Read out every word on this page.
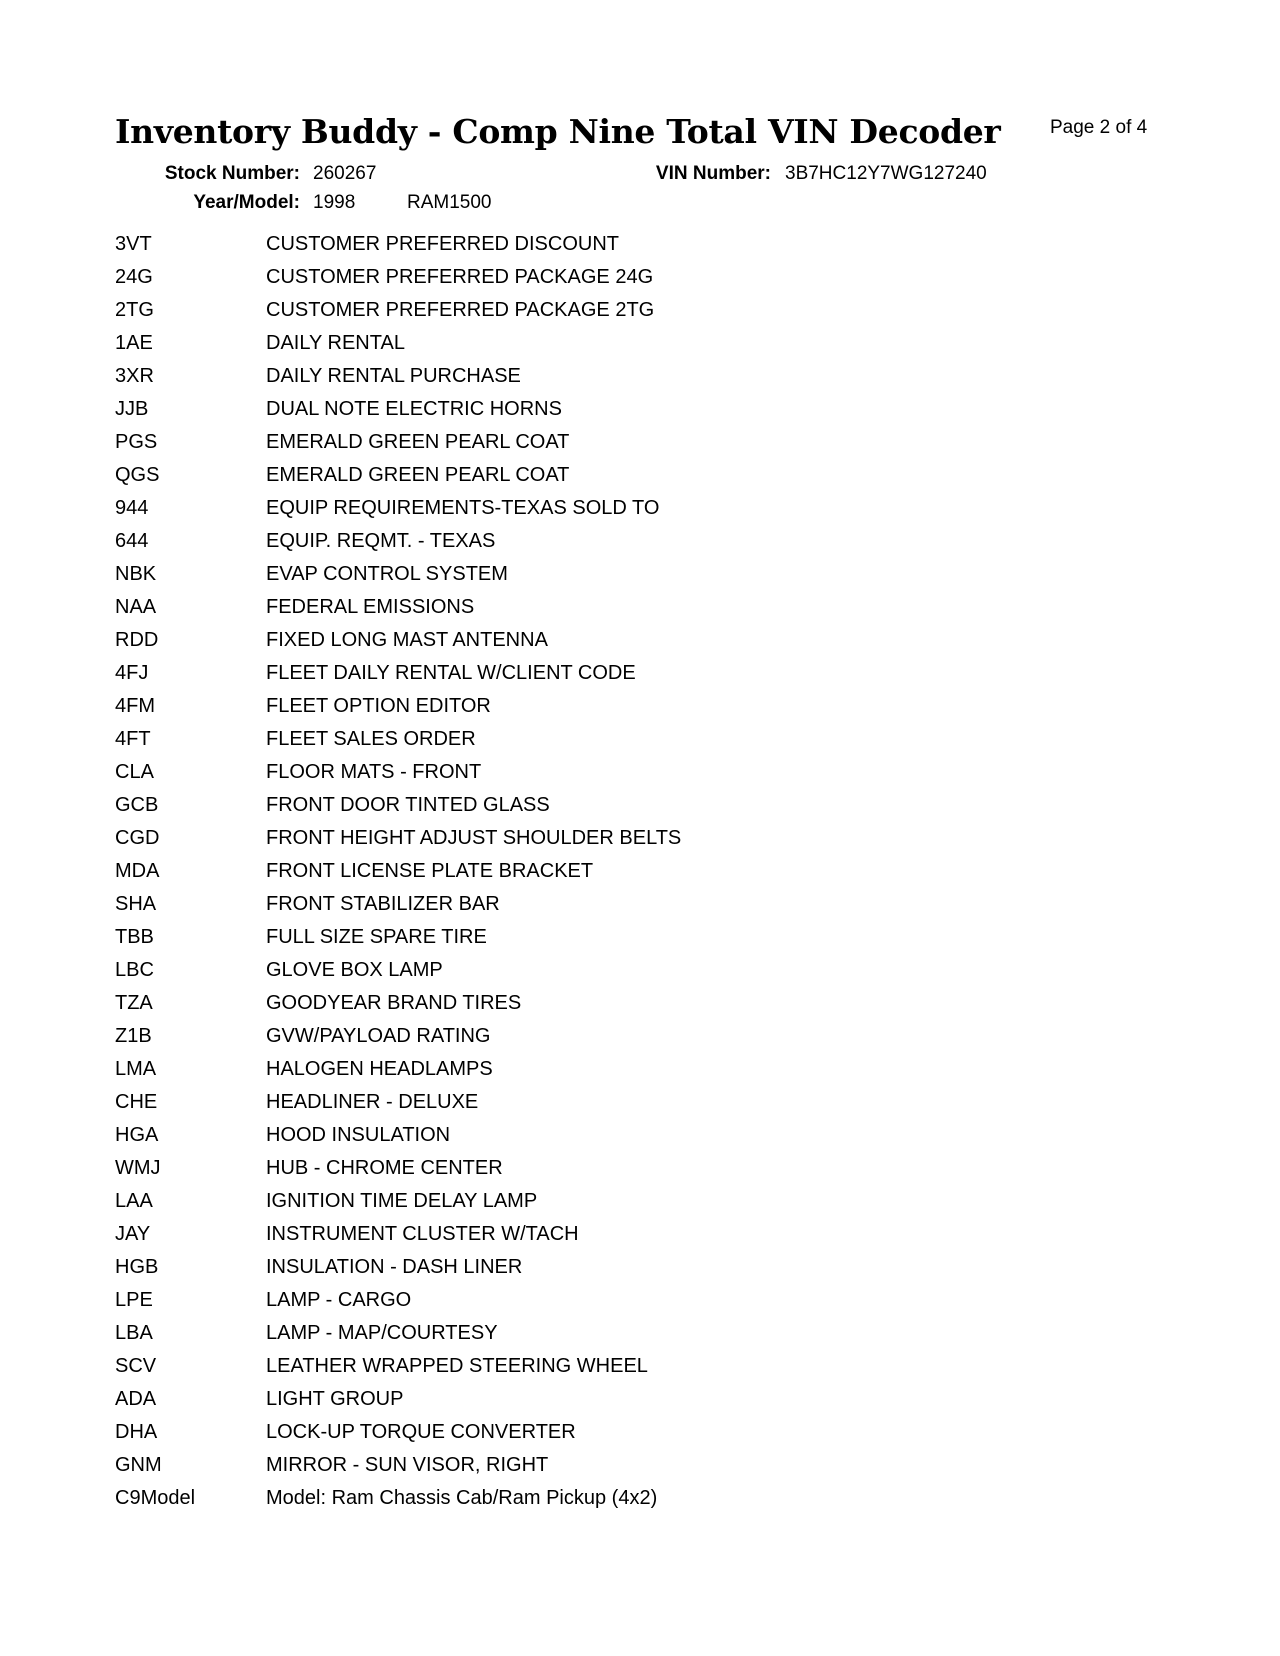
Inventory Buddy - Comp Nine Total VIN Decoder	Page 2 of 4
Stock Number: 260267	VIN Number: 3B7HC12Y7WG127240
Year/Model: 1998	RAM1500
3VT	CUSTOMER PREFERRED DISCOUNT
24G	CUSTOMER PREFERRED PACKAGE 24G
2TG	CUSTOMER PREFERRED PACKAGE 2TG
1AE	DAILY RENTAL
3XR	DAILY RENTAL PURCHASE
JJB	DUAL NOTE ELECTRIC HORNS
PGS	EMERALD GREEN PEARL COAT
QGS	EMERALD GREEN PEARL COAT
944	EQUIP REQUIREMENTS-TEXAS SOLD TO
644	EQUIP. REQMT. - TEXAS
NBK	EVAP CONTROL SYSTEM
NAA	FEDERAL EMISSIONS
RDD	FIXED LONG MAST ANTENNA
4FJ	FLEET DAILY RENTAL W/CLIENT CODE
4FM	FLEET OPTION EDITOR
4FT	FLEET SALES ORDER
CLA	FLOOR MATS - FRONT
GCB	FRONT DOOR TINTED GLASS
CGD	FRONT HEIGHT ADJUST SHOULDER BELTS
MDA	FRONT LICENSE PLATE BRACKET
SHA	FRONT STABILIZER BAR
TBB	FULL SIZE SPARE TIRE
LBC	GLOVE BOX LAMP
TZA	GOODYEAR BRAND TIRES
Z1B	GVW/PAYLOAD RATING
LMA	HALOGEN HEADLAMPS
CHE	HEADLINER - DELUXE
HGA	HOOD INSULATION
WMJ	HUB - CHROME CENTER
LAA	IGNITION TIME DELAY LAMP
JAY	INSTRUMENT CLUSTER W/TACH
HGB	INSULATION - DASH LINER
LPE	LAMP - CARGO
LBA	LAMP - MAP/COURTESY
SCV	LEATHER WRAPPED STEERING WHEEL
ADA	LIGHT GROUP
DHA	LOCK-UP TORQUE CONVERTER
GNM	MIRROR - SUN VISOR, RIGHT
C9Model	Model: Ram Chassis Cab/Ram Pickup (4x2)
